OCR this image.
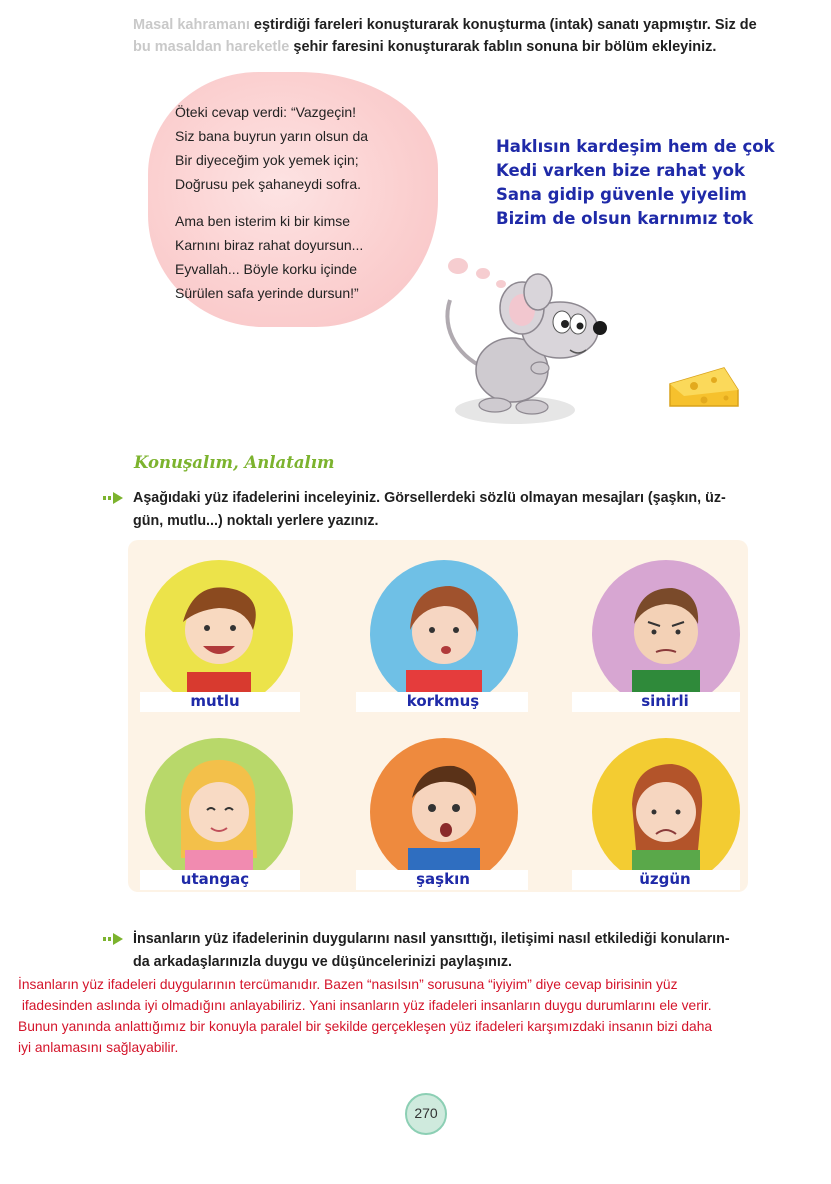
Masal kahramanı eştirdiği fareleri konuşturarak konuşturma (intak) sanatı yapmıştır. Siz de
bu masaldan hareketle şehir faresini konuşturarak fablın sonuna bir bölüm ekleyiniz.
Öteki cevap verdi: “Vazgeçin!
Siz bana buyrun yarın olsun da
Bir diyeceğim yok yemek için;
Doğrusu pek şahaneydi sofra.
Ama ben isterim ki bir kimse
Karnını biraz rahat doyursun...
Eyvallah... Böyle korku içinde
Sürülen safa yerinde dursun!”
Haklısın kardeşim hem de çok
Kedi varken bize rahat yok
Sana gidip güvenle yiyelim
Bizim de olsun karnımız tok
Konuşalım, Anlatalım
Aşağıdaki yüz ifadelerini inceleyiniz. Görsellerdeki sözlü olmayan mesajları (şaşkın, üz-
gün, mutlu...) noktalı yerlere yazınız.
mutlu	korkmuş	sinirli
utangaç	şaşkın	üzgün
İnsanların yüz ifadelerinin duygularını nasıl yansıttığı, iletişimi nasıl etkilediği konuların-
da arkadaşlarınızla duygu ve düşüncelerinizi paylaşınız.
İnsanların yüz ifadeleri duygularının tercümanıdır. Bazen “nasılsın” sorusuna “iyiyim” diye cevap birisinin yüz
ifadesinden aslında iyi olmadığını anlayabiliriz. Yani insanların yüz ifadeleri insanların duygu durumlarını ele verir.
Bunun yanında anlattığımız bir konuyla paralel bir şekilde gerçekleşen yüz ifadeleri karşımızdaki insanın bizi daha
iyi anlamasını sağlayabilir.
270
